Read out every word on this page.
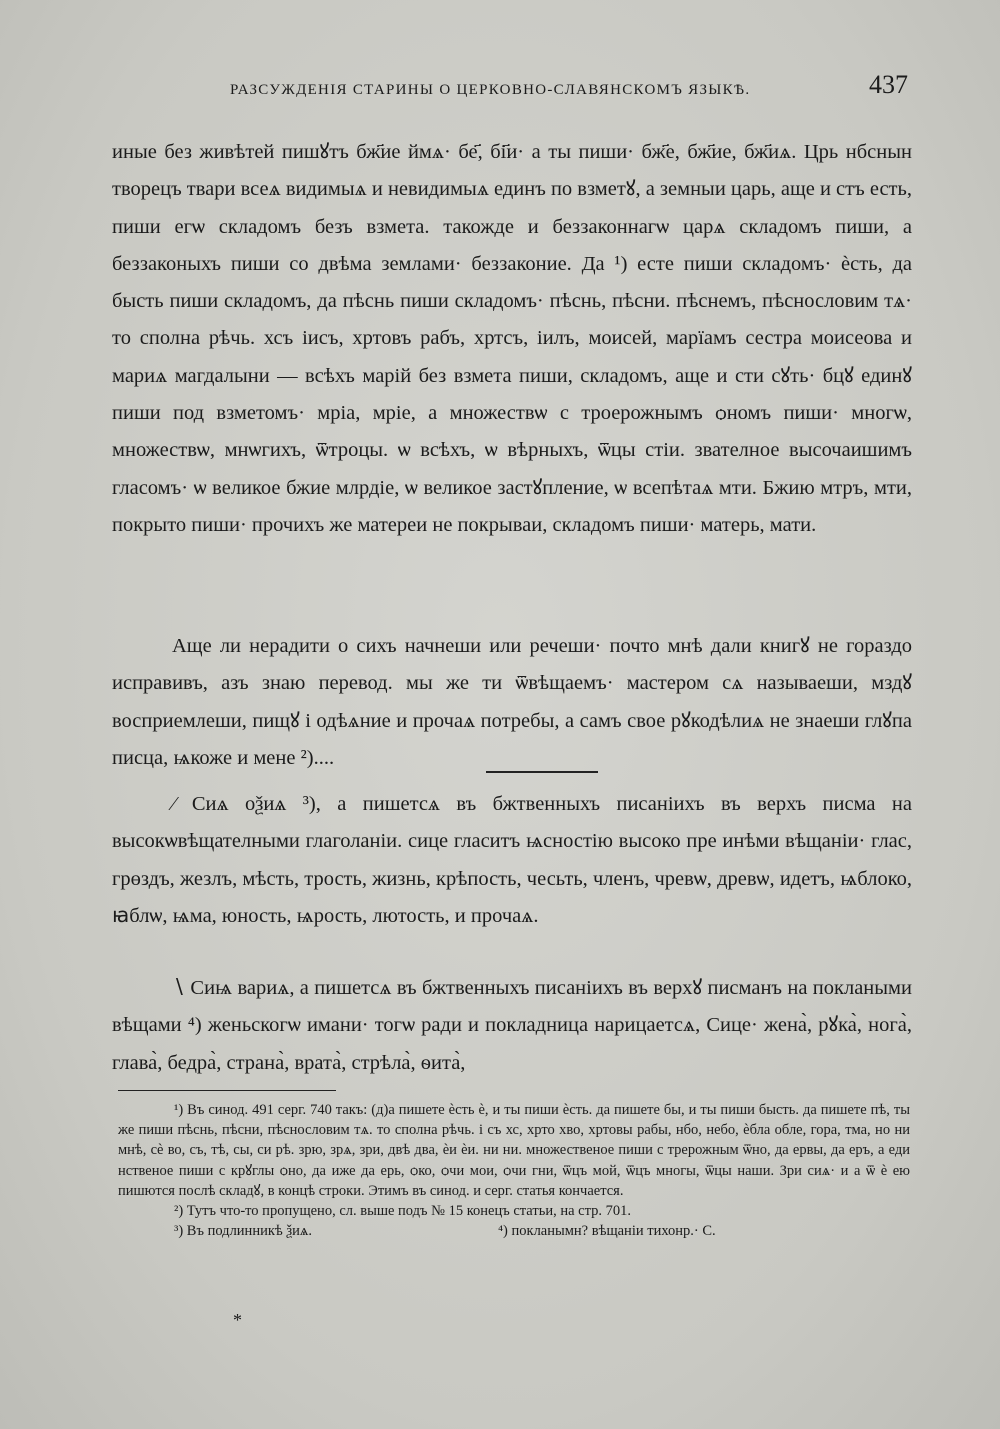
РАЗСУЖДЕНІЯ СТАРИНЫ О ЦЕРКОВНО-СЛАВЯНСКОМЪ ЯЗЫКѢ.	437

иные без живѣтей пишꙋтъ бж҃ие ймѧ· бе҃, бі҃и· а ты пиши· бж҃е, бж҃ие, бж҃иѧ. Црь нбснын творецъ твари всеѧ видимыѧ и невидимыѧ единъ по взметꙋ, а земныи царь, аще и стъ есть, пиши егѡ складомъ безъ взмета. такожде и беззаконнагѡ царѧ складомъ пиши, а беззаконыхъ пиши со двѣма землами· беззаконие. Да ¹) есте пиши складомъ· ѐсть, да бысть пиши складомъ, да пѣснь пиши складомъ· пѣснь, пѣсни. пѣснемъ, пѣснословим тѧ· то сполна рѣчь. хсъ іисъ, хртовъ рабъ, хртсъ, іилъ, моисей, марїамъ сестра моисеова и мариѧ магдалыни — всѣхъ марій без взмета пиши, складомъ, аще и сти сꙋть· бцꙋ единꙋ пиши под взметомъ· мріа, мріе, а множествѡ с троерожнымъ ѻномъ пиши· многѡ, множествѡ, мнѡгихъ, ѿтроцы. ѡ всѣхъ, ѡ вѣрныхъ, ѿцы стіи. звателное высочаишимъ гласомъ· ѡ великое бжие млрдіе, ѡ великое застꙋпление, ѡ всепѣтаѧ мти. Бжию мтръ, мти, покрыто пиши· прочихъ же матереи не покрываи, складомъ пиши· матерь, мати.

Аще ли нерадити о сихъ начнеши или речеши· почто мнѣ дали книгꙋ не гораздо исправивъ, азъ знаю перевод. мы же ти ѿвѣщаемъ· мастером сѧ называеши, мздꙋ восприемлеши, пищꙋ і одѣѧние и прочаѧ потребы, а самъ свое рꙋкодѣлиѧ не знаеши глꙋпа писца, ѩкоже и мене ²)....

⁄ Сиѧ оѯиѧ ³), а пишетсѧ въ бжтвенныхъ писаніихъ въ верхъ писма на высокѡвѣщателными глаголаніи. сице гласитъ ѩсностію высоко пре инѣми вѣщаніи· глас, грөздъ, жезлъ, мѣсть, трость, жизнь, крѣпость, чесьть, членъ, чревѡ, древѡ, идетъ, ѩблоко, ꙗблѡ, ѩма, юность, ѩрость, лютость, и прочаѧ.

∖ Сиѩ вариѧ, а пишетсѧ въ бжтвенныхъ писаніихъ въ верхꙋ писманъ на поклаными вѣщами ⁴) женьскогѡ имани· тогѡ ради и покладница нарицаетсѧ, Сице· жена̀, рꙋка̀, нога̀, глава̀, бедра̀, страна̀, врата̀, стрѣла̀, ѳита̀,

¹) Въ синод. 491 серг. 740 такъ: (д)а пишете ѐсть ѐ, и ты пиши ѐсть. да пишете бы, и ты пиши бысть. да пишете пѣ, ты же пиши пѣснь, пѣсни, пѣснословим тѧ. то сполна рѣчь. і съ хс, хрто хво, хртовы рабы, нбо, небо, ѐбла обле, гора, тма, но ни мнѣ, сѐ во, съ, тѣ, сы, си рѣ. зрю, зрѧ, зри, двѣ два, ѐи ѐи. ни ни. множественое пиши с трерожным ѿно, да ервы, да еръ, а еди нственое пиши с крꙋглы ѻно, да иже да ерь, ѻко, ѻчи мои, ѻчи гни, ѿцъ мой, ѿцъ многы, ѿцы наши. Зри сиѧ· и а ѿ ѐ ею пишются послѣ складꙋ, в концѣ строки. Этимъ въ синод. и серг. статья кончается.

²) Тутъ что-то пропущено, сл. выше подъ № 15 конецъ статьи, на стр. 701.

³) Въ подлинникѣ ѯиѧ.	⁴) покланымн? вѣщаніи тихонр.· С.
*
